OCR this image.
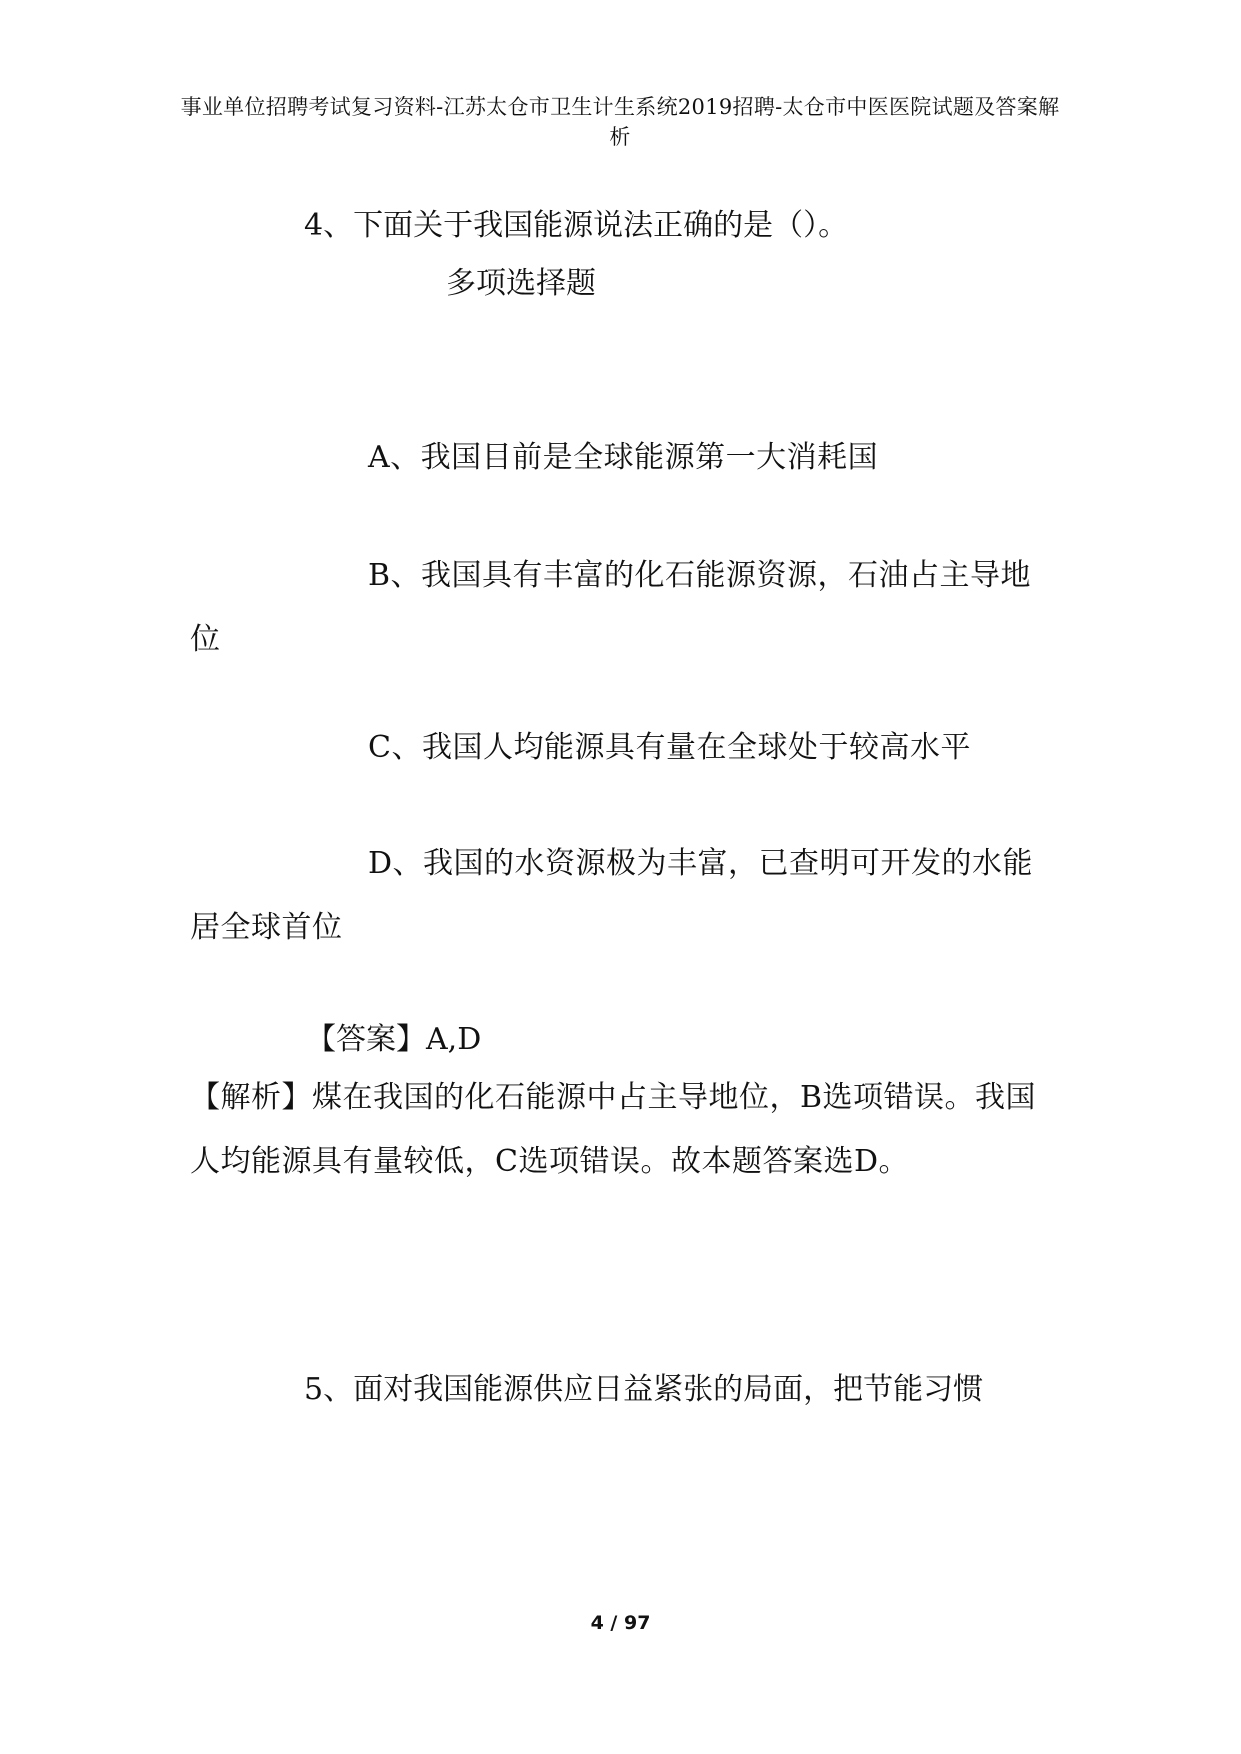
事业单位招聘考试复习资料-江苏太仓市卫生计生系统2019招聘-太仓市中医医院试题及答案解析
4、下面关于我国能源说法正确的是（）。
多项选择题
A、我国目前是全球能源第一大消耗国
B、我国具有丰富的化石能源资源，石油占主导地位
C、我国人均能源具有量在全球处于较高水平
D、我国的水资源极为丰富，已查明可开发的水能居全球首位
【答案】A,D
【解析】煤在我国的化石能源中占主导地位，B选项错误。我国人均能源具有量较低，C选项错误。故本题答案选D。
5、面对我国能源供应日益紧张的局面，把节能习惯
4 / 97
